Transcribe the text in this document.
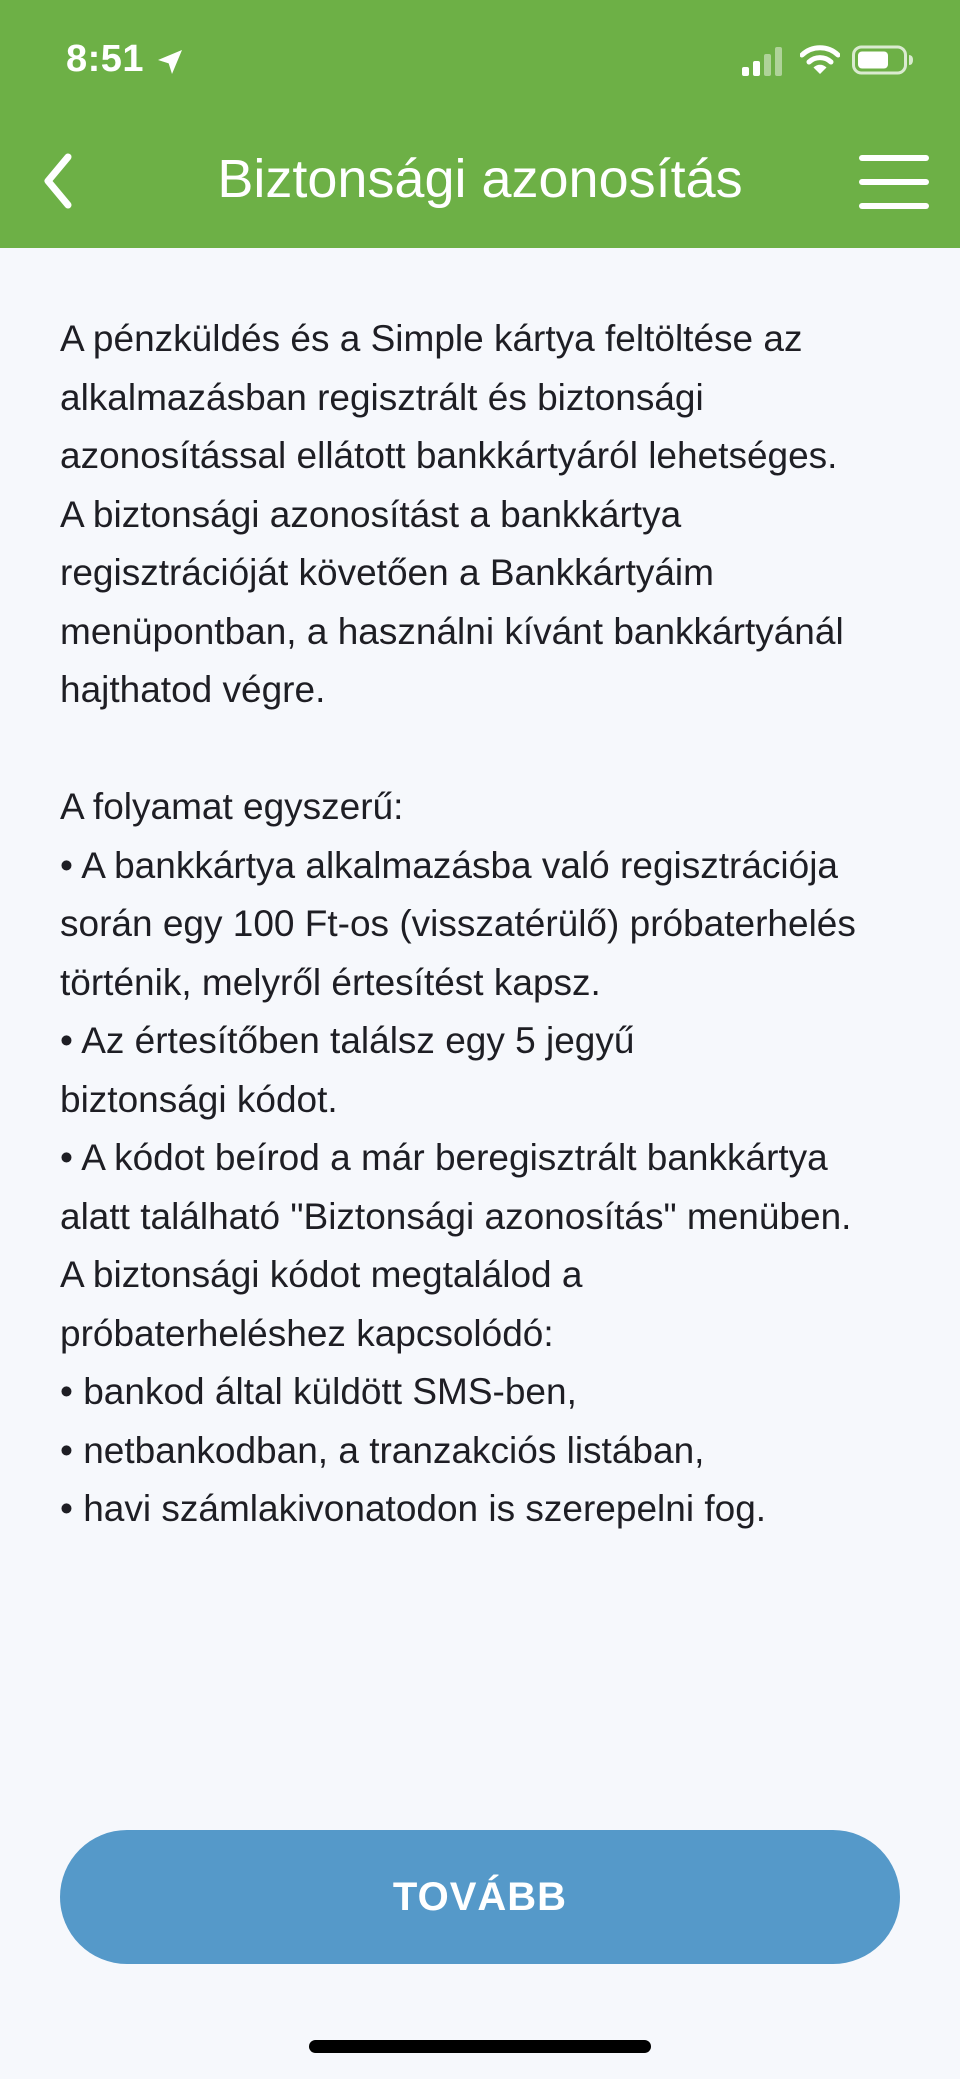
8:51
Biztonsági azonosítás

A pénzküldés és a Simple kártya feltöltése az

alkalmazásban regisztrált és biztonsági

azonosítással ellátott bankkártyáról lehetséges.

A biztonsági azonosítást a bankkártya

regisztrációját követően a Bankkártyáim

menüpontban, a használni kívánt bankkártyánál

hajthatod végre.

A folyamat egyszerű:

• A bankkártya alkalmazásba való regisztrációja

során egy 100 Ft-os (visszatérülő) próbaterhelés

történik, melyről értesítést kapsz.

• Az értesítőben találsz egy 5 jegyű

biztonsági kódot.

• A kódot beírod a már beregisztrált bankkártya

alatt található "Biztonsági azonosítás" menüben.

A biztonsági kódot megtalálod a

próbaterheléshez kapcsolódó:

• bankod által küldött SMS-ben,

• netbankodban, a tranzakciós listában,

• havi számlakivonatodon is szerepelni fog.

TOVÁBB
